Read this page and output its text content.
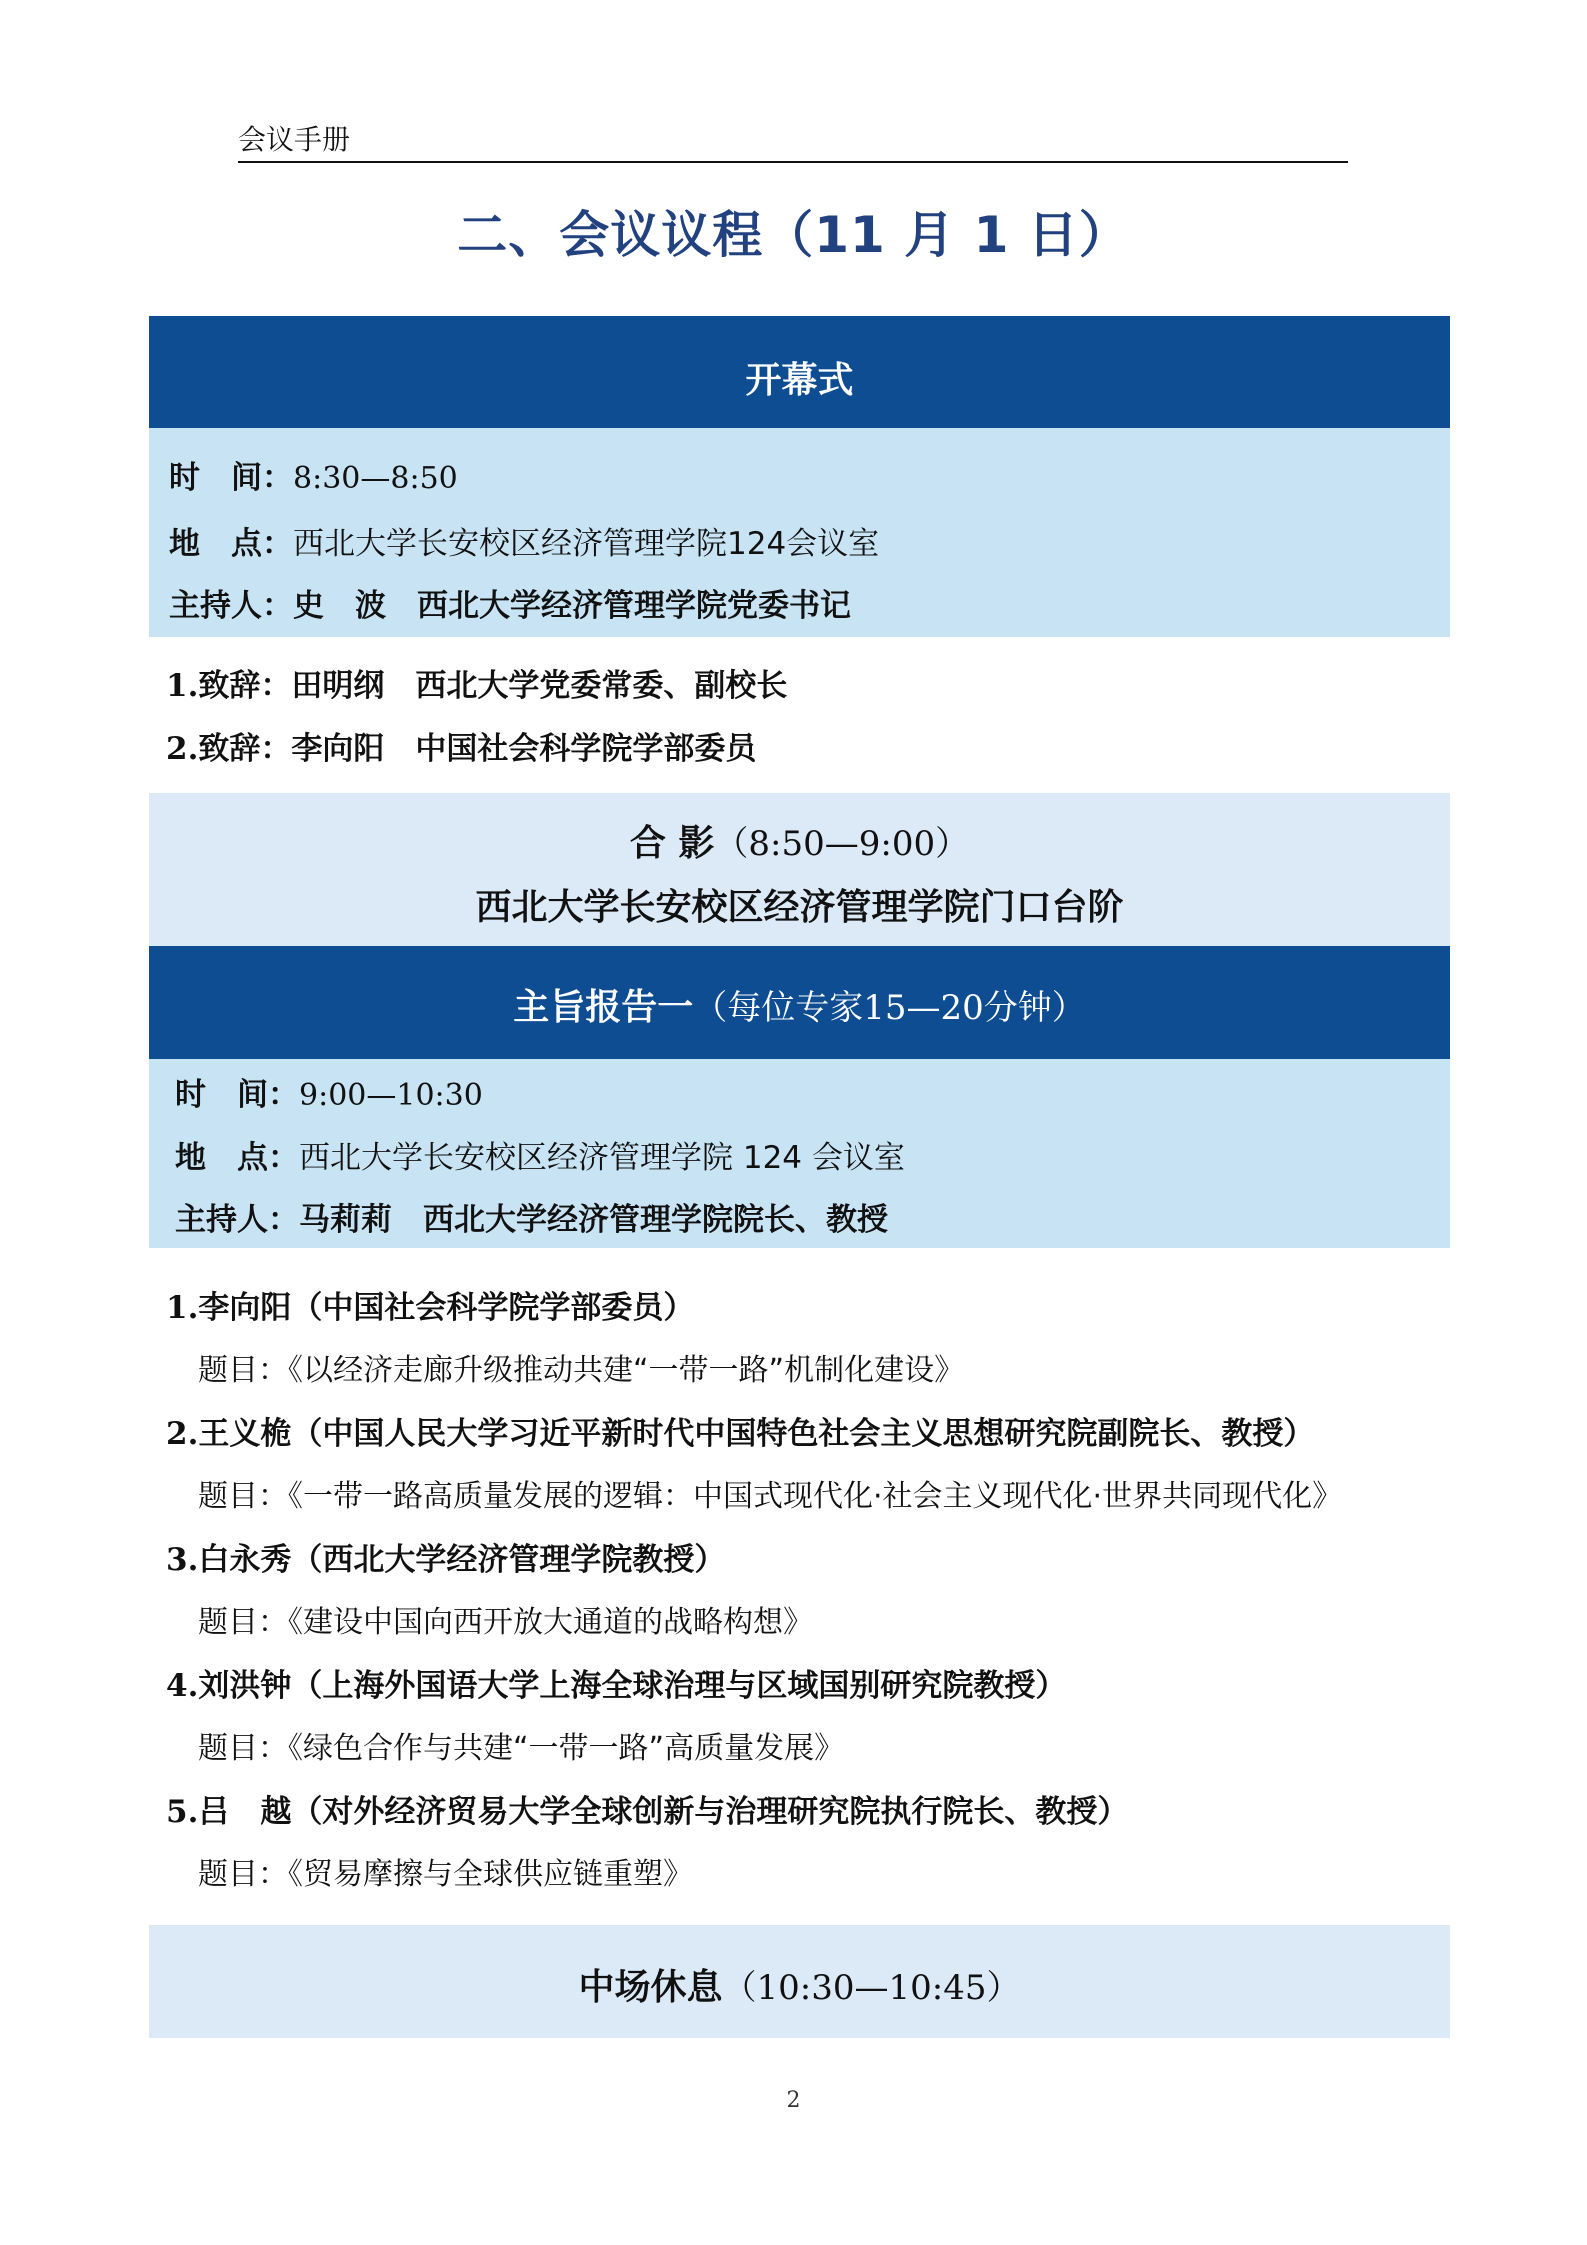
会议手册
二、会议议程（11 月 1 日）
开幕式
时　间：8:30—8:50
地　点：西北大学长安校区经济管理学院124会议室
主持人：史　波　西北大学经济管理学院党委书记
1.致辞：田明纲　西北大学党委常委、副校长
2.致辞：李向阳　中国社会科学院学部委员
合 影（8:50—9:00）
西北大学长安校区经济管理学院门口台阶
主旨报告一（每位专家15—20分钟）
时　间：9:00—10:30
地　点：西北大学长安校区经济管理学院 124 会议室
主持人：马莉莉　西北大学经济管理学院院长、教授
1.李向阳（中国社会科学院学部委员）
题目：《以经济走廊升级推动共建“一带一路”机制化建设》
2.王义桅（中国人民大学习近平新时代中国特色社会主义思想研究院副院长、教授）
题目：《一带一路高质量发展的逻辑：中国式现代化·社会主义现代化·世界共同现代化》
3.白永秀（西北大学经济管理学院教授）
题目：《建设中国向西开放大通道的战略构想》
4.刘洪钟（上海外国语大学上海全球治理与区域国别研究院教授）
题目：《绿色合作与共建“一带一路”高质量发展》
5.吕　越（对外经济贸易大学全球创新与治理研究院执行院长、教授）
题目：《贸易摩擦与全球供应链重塑》
中场休息（10:30—10:45）
2
